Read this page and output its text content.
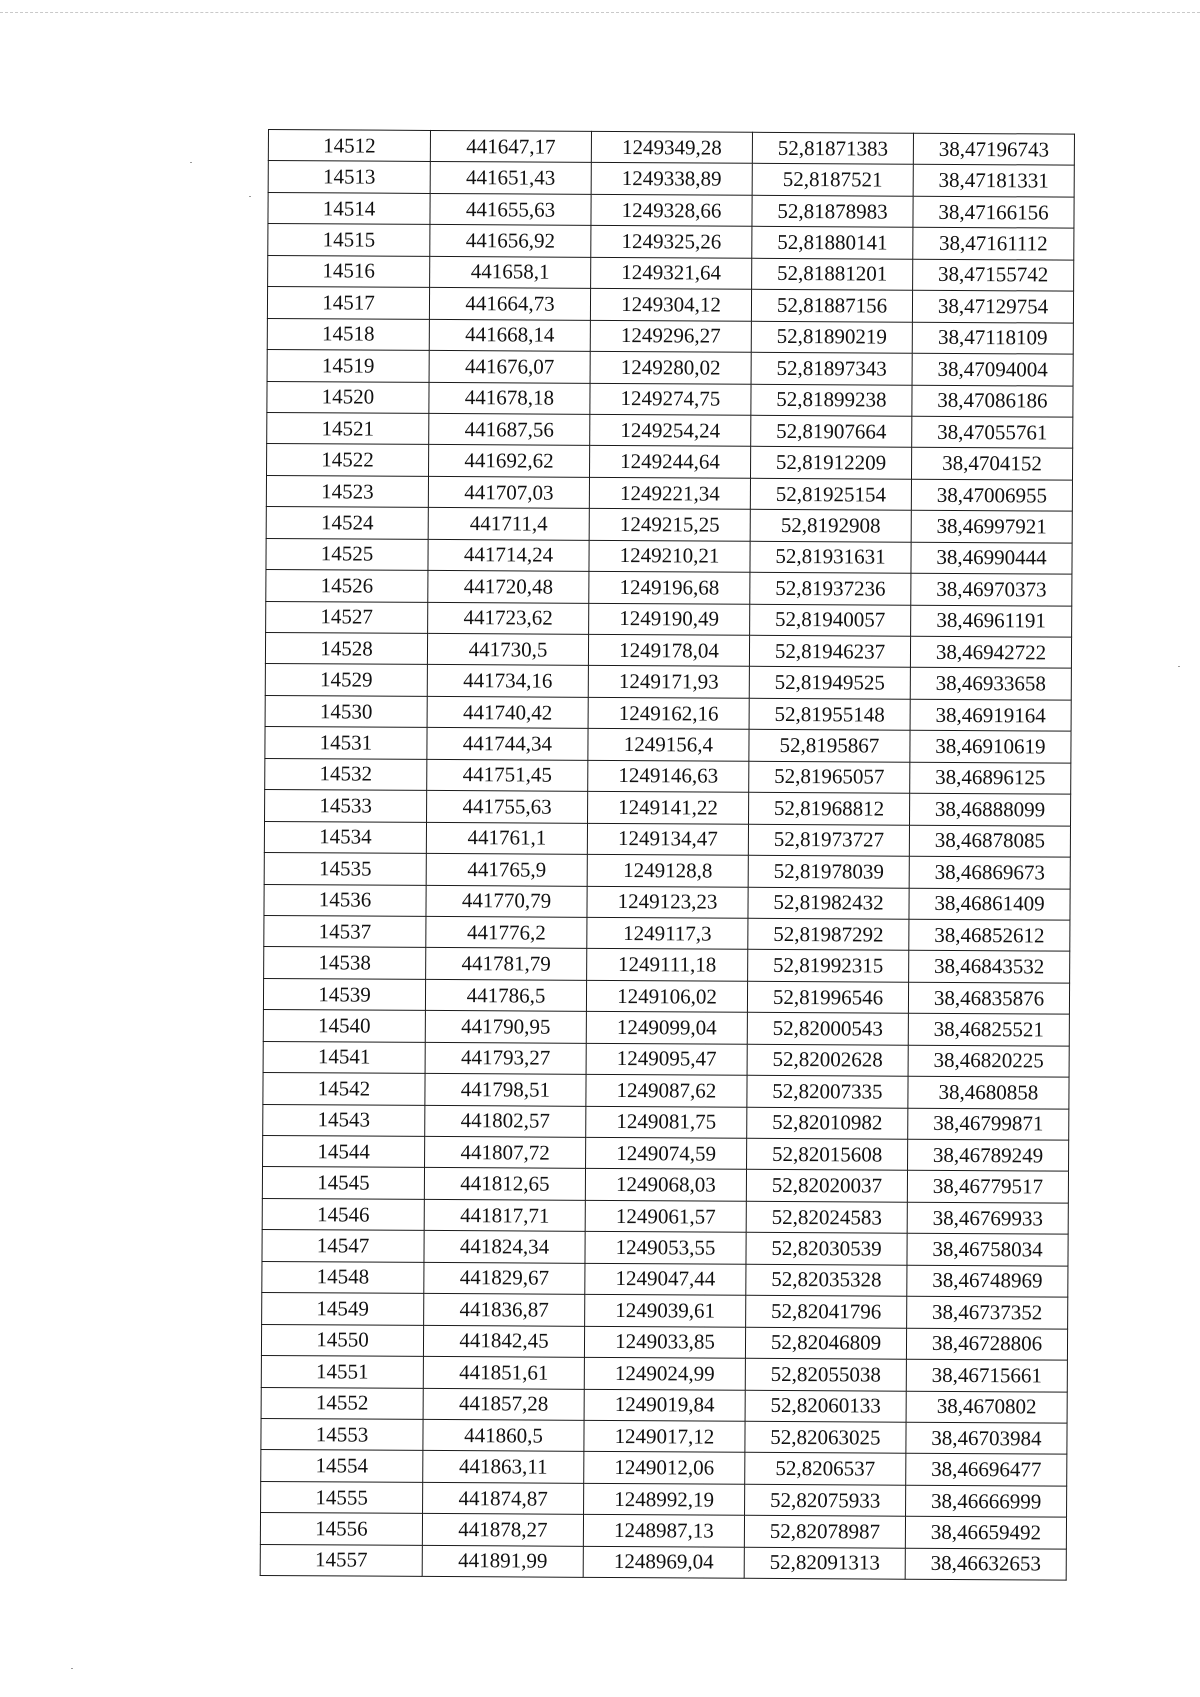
14512	441647,17	1249349,28	52,81871383	38,47196743
14513	441651,43	1249338,89	52,8187521	38,47181331
14514	441655,63	1249328,66	52,81878983	38,47166156
14515	441656,92	1249325,26	52,81880141	38,47161112
14516	441658,1	1249321,64	52,81881201	38,47155742
14517	441664,73	1249304,12	52,81887156	38,47129754
14518	441668,14	1249296,27	52,81890219	38,47118109
14519	441676,07	1249280,02	52,81897343	38,47094004
14520	441678,18	1249274,75	52,81899238	38,47086186
14521	441687,56	1249254,24	52,81907664	38,47055761
14522	441692,62	1249244,64	52,81912209	38,4704152
14523	441707,03	1249221,34	52,81925154	38,47006955
14524	441711,4	1249215,25	52,8192908	38,46997921
14525	441714,24	1249210,21	52,81931631	38,46990444
14526	441720,48	1249196,68	52,81937236	38,46970373
14527	441723,62	1249190,49	52,81940057	38,46961191
14528	441730,5	1249178,04	52,81946237	38,46942722
14529	441734,16	1249171,93	52,81949525	38,46933658
14530	441740,42	1249162,16	52,81955148	38,46919164
14531	441744,34	1249156,4	52,8195867	38,46910619
14532	441751,45	1249146,63	52,81965057	38,46896125
14533	441755,63	1249141,22	52,81968812	38,46888099
14534	441761,1	1249134,47	52,81973727	38,46878085
14535	441765,9	1249128,8	52,81978039	38,46869673
14536	441770,79	1249123,23	52,81982432	38,46861409
14537	441776,2	1249117,3	52,81987292	38,46852612
14538	441781,79	1249111,18	52,81992315	38,46843532
14539	441786,5	1249106,02	52,81996546	38,46835876
14540	441790,95	1249099,04	52,82000543	38,46825521
14541	441793,27	1249095,47	52,82002628	38,46820225
14542	441798,51	1249087,62	52,82007335	38,4680858
14543	441802,57	1249081,75	52,82010982	38,46799871
14544	441807,72	1249074,59	52,82015608	38,46789249
14545	441812,65	1249068,03	52,82020037	38,46779517
14546	441817,71	1249061,57	52,82024583	38,46769933
14547	441824,34	1249053,55	52,82030539	38,46758034
14548	441829,67	1249047,44	52,82035328	38,46748969
14549	441836,87	1249039,61	52,82041796	38,46737352
14550	441842,45	1249033,85	52,82046809	38,46728806
14551	441851,61	1249024,99	52,82055038	38,46715661
14552	441857,28	1249019,84	52,82060133	38,4670802
14553	441860,5	1249017,12	52,82063025	38,46703984
14554	441863,11	1249012,06	52,8206537	38,46696477
14555	441874,87	1248992,19	52,82075933	38,46666999
14556	441878,27	1248987,13	52,82078987	38,46659492
14557	441891,99	1248969,04	52,82091313	38,46632653
